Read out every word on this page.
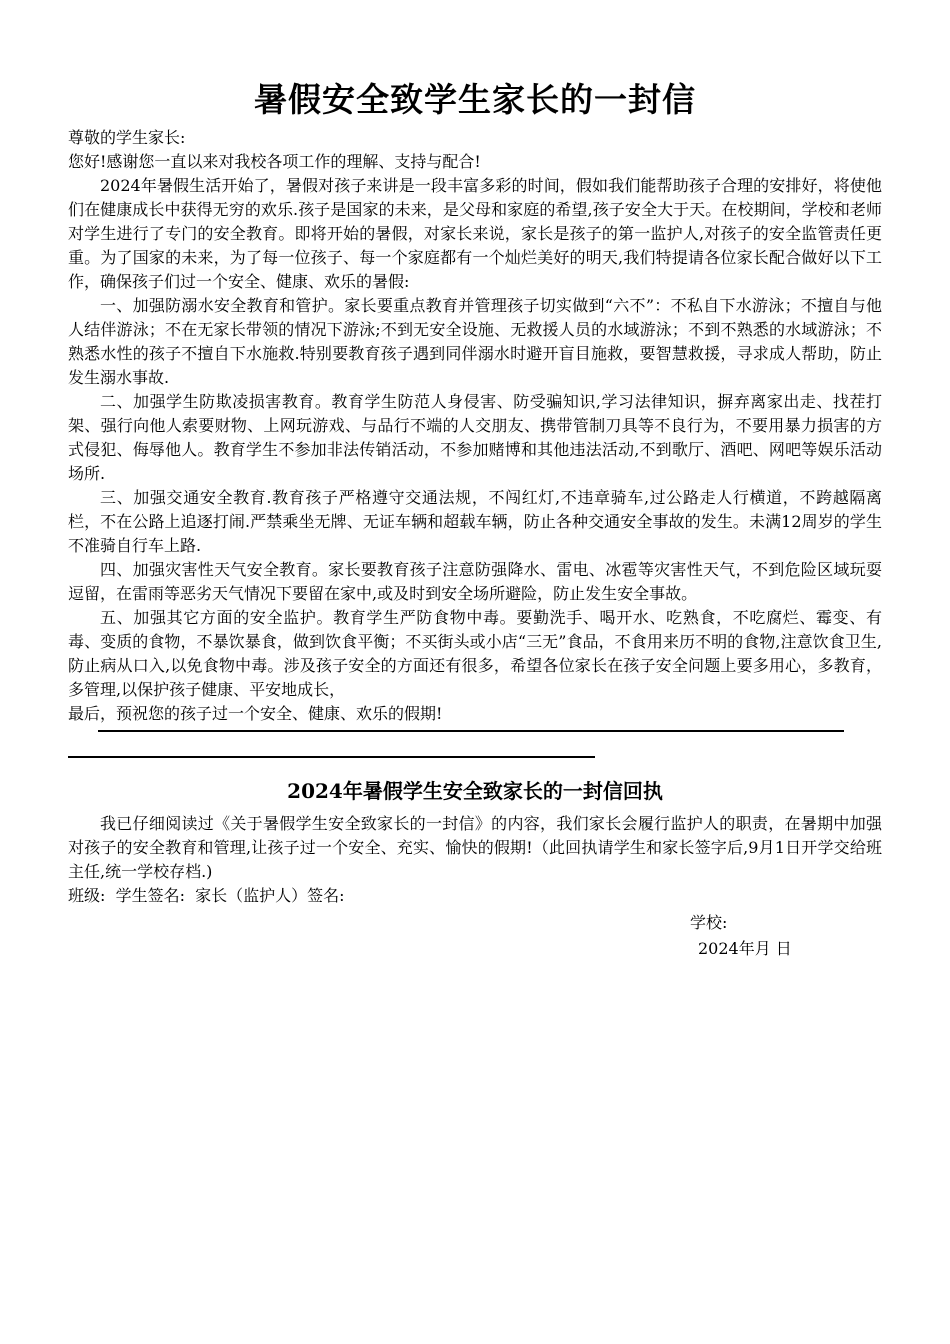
暑假安全致学生家长的一封信

尊敬的学生家长:

您好!感谢您一直以来对我校各项工作的理解、支持与配合!

2024年暑假生活开始了，暑假对孩子来讲是一段丰富多彩的时间，假如我们能帮助孩子合理的安排好，将使他们在健康成长中获得无穷的欢乐.孩子是国家的未来，是父母和家庭的希望,孩子安全大于天。在校期间，学校和老师对学生进行了专门的安全教育。即将开始的暑假，对家长来说，家长是孩子的第一监护人,对孩子的安全监管责任更重。为了国家的未来，为了每一位孩子、每一个家庭都有一个灿烂美好的明天,我们特提请各位家长配合做好以下工作，确保孩子们过一个安全、健康、欢乐的暑假:

一、加强防溺水安全教育和管护。家长要重点教育并管理孩子切实做到“六不”：不私自下水游泳；不擅自与他人结伴游泳；不在无家长带领的情况下游泳;不到无安全设施、无救援人员的水域游泳；不到不熟悉的水域游泳；不熟悉水性的孩子不擅自下水施救.特别要教育孩子遇到同伴溺水时避开盲目施救，要智慧救援，寻求成人帮助，防止发生溺水事故.

二、加强学生防欺凌损害教育。教育学生防范人身侵害、防受骗知识,学习法律知识，摒弃离家出走、找茬打架、强行向他人索要财物、上网玩游戏、与品行不端的人交朋友、携带管制刀具等不良行为，不要用暴力损害的方式侵犯、侮辱他人。教育学生不参加非法传销活动，不参加赌博和其他违法活动,不到歌厅、酒吧、网吧等娱乐活动场所.

三、加强交通安全教育.教育孩子严格遵守交通法规，不闯红灯,不违章骑车,过公路走人行横道，不跨越隔离栏，不在公路上追逐打闹.严禁乘坐无牌、无证车辆和超载车辆，防止各种交通安全事故的发生。未满12周岁的学生不准骑自行车上路.

四、加强灾害性天气安全教育。家长要教育孩子注意防强降水、雷电、冰雹等灾害性天气，不到危险区域玩耍逗留，在雷雨等恶劣天气情况下要留在家中,或及时到安全场所避险，防止发生安全事故。

五、加强其它方面的安全监护。教育学生严防食物中毒。要勤洗手、喝开水、吃熟食，不吃腐烂、霉变、有毒、变质的食物，不暴饮暴食，做到饮食平衡；不买街头或小店“三无”食品，不食用来历不明的食物,注意饮食卫生,防止病从口入,以免食物中毒。涉及孩子安全的方面还有很多，希望各位家长在孩子安全问题上要多用心，多教育，多管理,以保护孩子健康、平安地成长，

最后，预祝您的孩子过一个安全、健康、欢乐的假期!

2024年暑假学生安全致家长的一封信回执

我已仔细阅读过《关于暑假学生安全致家长的一封信》的内容，我们家长会履行监护人的职责，在暑期中加强对孩子的安全教育和管理,让孩子过一个安全、充实、愉快的假期!（此回执请学生和家长签字后,9月1日开学交给班主任,统一学校存档.)

班级: 学生签名: 家长（监护人）签名:

学校:
2024年月 日
